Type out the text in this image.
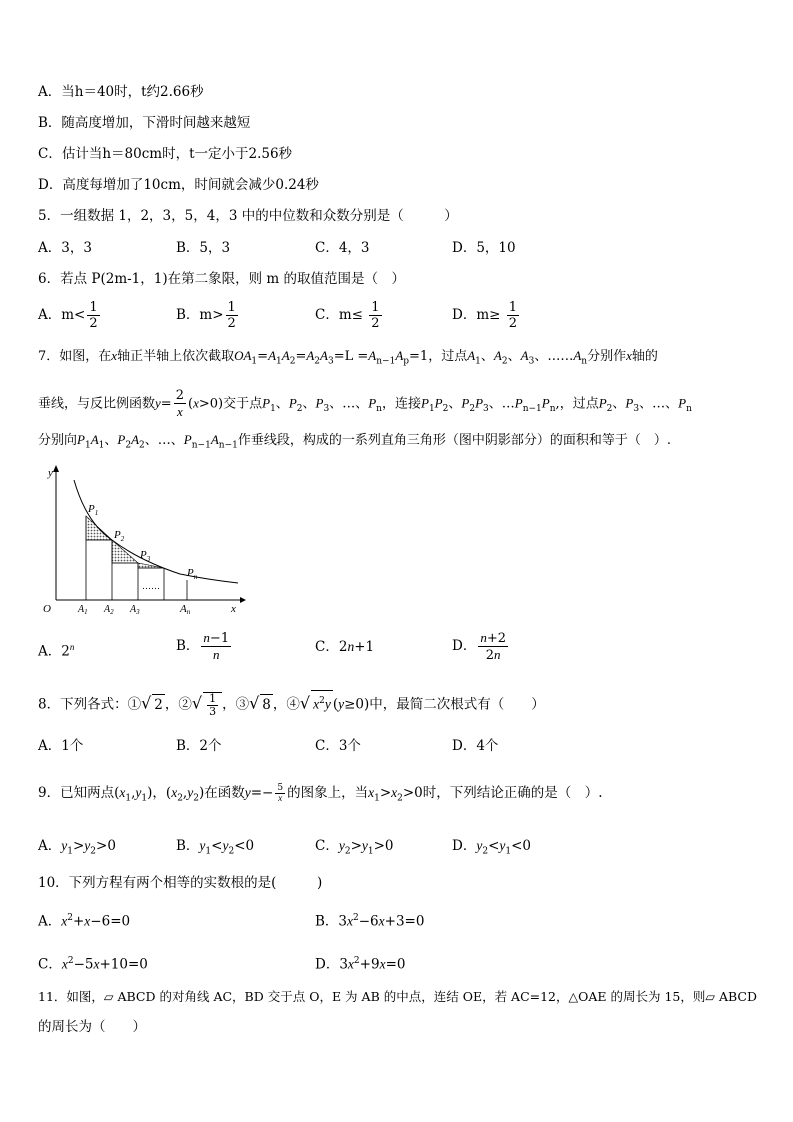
A．当h＝40时，t约2.66秒
B．随高度增加，下滑时间越来越短
C．估计当h＝80cm时，t一定小于2.56秒
D．高度每增加了10cm，时间就会减少0.24秒
5．一组数据 1，2，3，5，4，3 中的中位数和众数分别是（　　　）
A．3，3	B．5，3	C．4，3	D．5，10
6．若点 P(2m-1，1)在第二象限，则 m 的取值范围是（　）
A．$m< \frac{1}{2}$	B．$m> \frac{1}{2}$	C．$m\le \frac{1}{2}$	D．$m\ge \frac{1}{2}$
7．如图，在x轴正半轴上依次截取$OA_1=A_1A_2=A_2A_3=L =A_{n-1}A_p=1$，过点$A_1$、$A_2$、$A_3$、$\dots\dots A_n$分别作x轴的
垂线，与反比例函数$y= \frac{2}{x} (x>0)$交于点$P_1$、$P_2$、$P_3$、…、$P_n$，连接$P_1P_2$、$P_2P_3$、$\dots P_{n-1}P_n$,，过点$P_2$、$P_3$、…、$P_n$
分别向$P_1A_1$、$P_2A_2$、…、$P_{n-1}A_{n-1}$作垂线段，构成的一系列直角三角形（图中阴影部分）的面积和等于（　）.
y
x
O
$P_1$
$P_2$
$P_3$
$P_n$
……
$A_1$ $A_2$ $A_3$	An
A．2$^n$	B． $\frac{n-1}{n}$	C．2n+1	D． $\frac{n+2}{2n}$
8．下列各式：①√ 2 ，②√ $\frac{1}{3}$ ，③√ 8 ，④√ $x^2y$ (y≥0)中，最简二次根式有（　　）
A．1个	B．2个	C．3个	D．4个
9．已知两点$(x_1,y_1)$，$(x_2,y_2)$在函数$y=- \frac{5}{x}$ 的图象上，当$x_1>x_2>0$时，下列结论正确的是（　）.
A．$y_1>y_2>0$	B．$y_1<y_2<0$	C．$y_2>y_1>0$	D．$y_2<y_1<0$
10．下列方程有两个相等的实数根的是(　　　)
A．$x^2+x-6=0$	B．$3x^2-6x+3=0$
C．$x^2-5x+10=0$	D．$3x^2+9x=0$
11．如图，▱ ABCD 的对角线 AC，BD 交于点 O，E 为 AB 的中点，连结 OE，若 AC=12，△OAE 的周长为 15，则▱ ABCD
的周长为（　　）
